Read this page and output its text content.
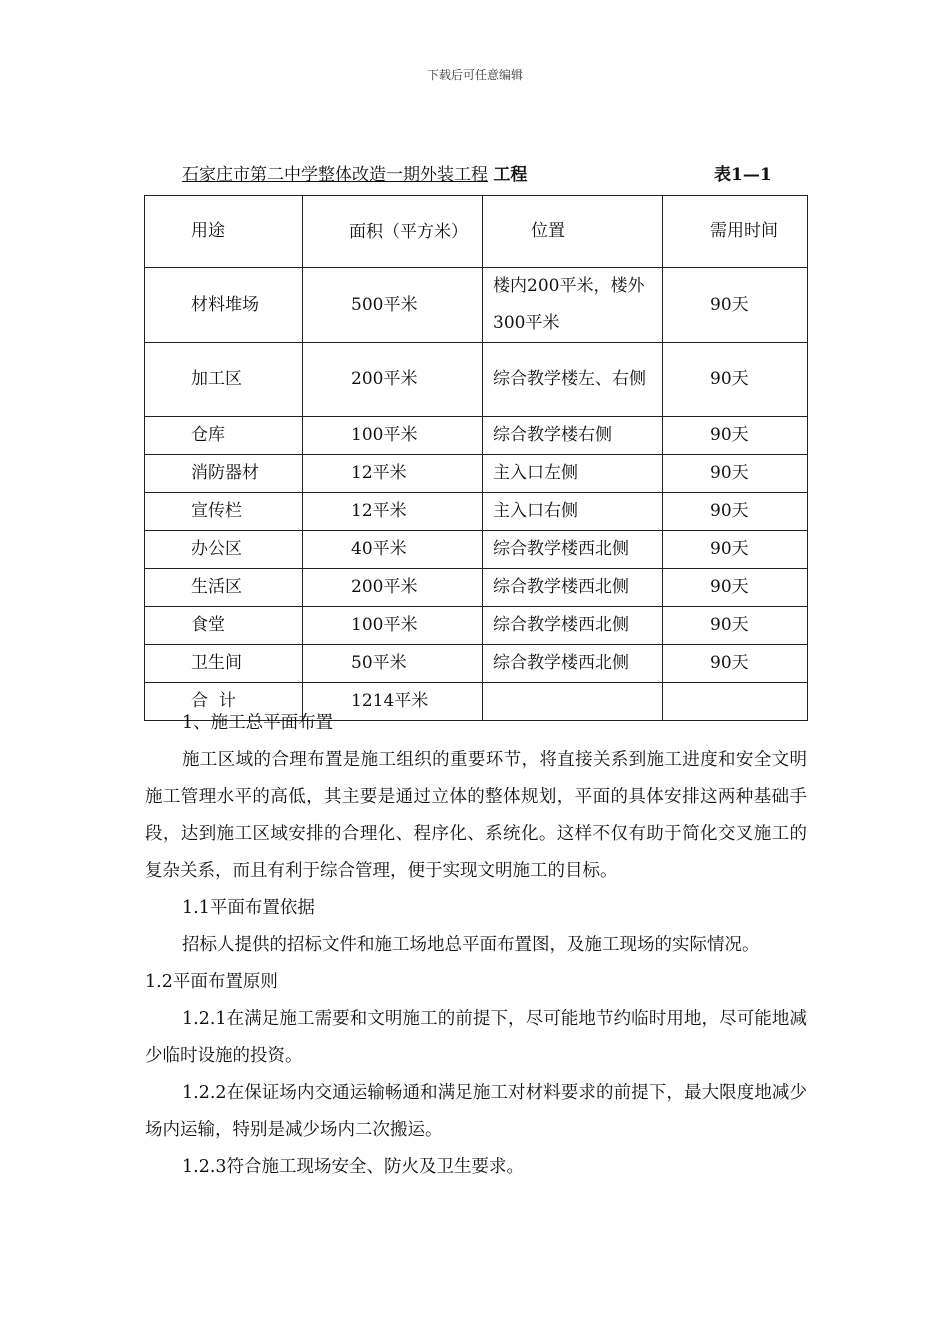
下载后可任意编辑
石家庄市第二中学整体改造一期外装工程 工程	表1—1
用途	面积（平方米）	位置	需用时间
材料堆场	500平米	楼内200平米，楼外300平米	90天
加工区	200平米	综合教学楼左、右侧	90天
仓库	100平米	综合教学楼右侧	90天
消防器材	12平米	主入口左侧	90天
宣传栏	12平米	主入口右侧	90天
办公区	40平米	综合教学楼西北侧	90天
生活区	200平米	综合教学楼西北侧	90天
食堂	100平米	综合教学楼西北侧	90天
卫生间	50平米	综合教学楼西北侧	90天
合  计	1214平米		

1、施工总平面布置

施工区域的合理布置是施工组织的重要环节，将直接关系到施工进度和安全文明施工管理水平的高低，其主要是通过立体的整体规划，平面的具体安排这两种基础手段，达到施工区域安排的合理化、程序化、系统化。这样不仅有助于简化交叉施工的复杂关系，而且有利于综合管理，便于实现文明施工的目标。

1.1平面布置依据

招标人提供的招标文件和施工场地总平面布置图，及施工现场的实际情况。

1.2平面布置原则

1.2.1在满足施工需要和文明施工的前提下，尽可能地节约临时用地，尽可能地减少临时设施的投资。

1.2.2在保证场内交通运输畅通和满足施工对材料要求的前提下，最大限度地减少场内运输，特别是减少场内二次搬运。

1.2.3符合施工现场安全、防火及卫生要求。
